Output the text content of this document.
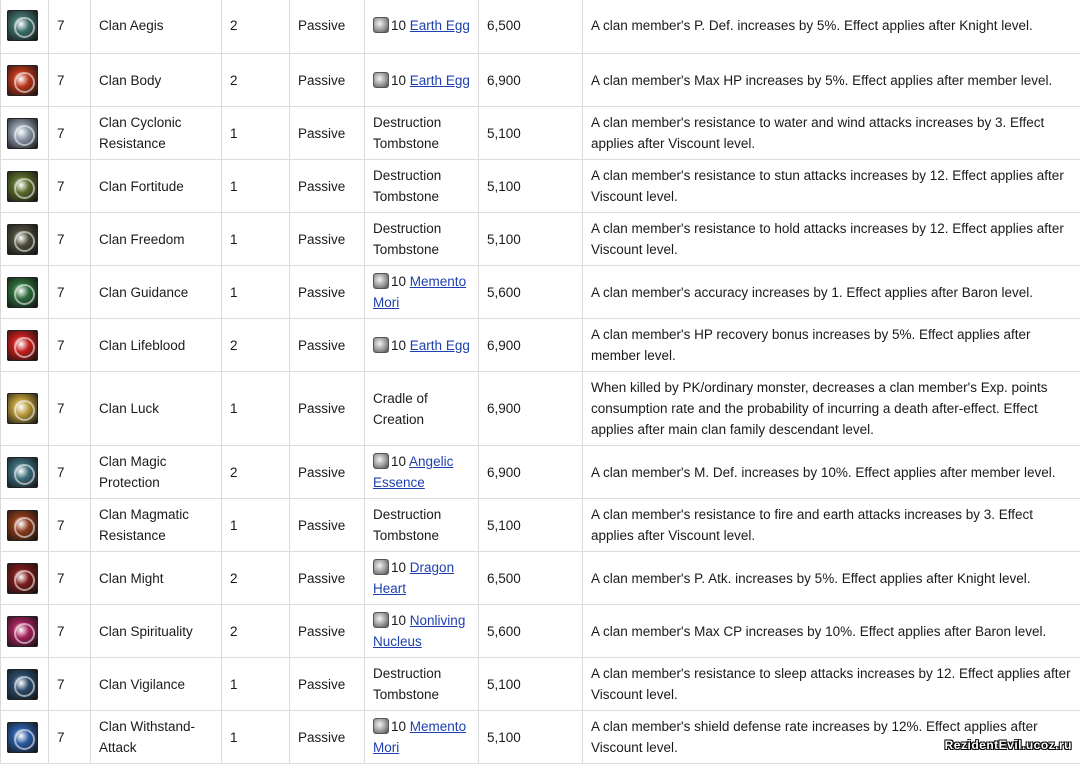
	7	Clan Aegis	2	Passive	10 Earth Egg	6,500	A clan member's P. Def. increases by 5%. Effect applies after Knight level.

	7	Clan Body	2	Passive	10 Earth Egg	6,900	A clan member's Max HP increases by 5%. Effect applies after member level.

	7	Clan Cyclonic Resistance	1	Passive	Destruction Tombstone	5,100	A clan member's resistance to water and wind attacks increases by 3. Effect applies after Viscount level.

	7	Clan Fortitude	1	Passive	Destruction Tombstone	5,100	A clan member's resistance to stun attacks increases by 12. Effect applies after Viscount level.

	7	Clan Freedom	1	Passive	Destruction Tombstone	5,100	A clan member's resistance to hold attacks increases by 12. Effect applies after Viscount level.

	7	Clan Guidance	1	Passive	10 Memento Mori	5,600	A clan member's accuracy increases by 1. Effect applies after Baron level.

	7	Clan Lifeblood	2	Passive	10 Earth Egg	6,900	A clan member's HP recovery bonus increases by 5%. Effect applies after member level.

	7	Clan Luck	1	Passive	Cradle of Creation	6,900	When killed by PK/ordinary monster, decreases a clan member's Exp. points consumption rate and the probability of incurring a death after-effect. Effect applies after main clan family descendant level.

	7	Clan Magic Protection	2	Passive	10 Angelic Essence	6,900	A clan member's M. Def. increases by 10%. Effect applies after member level.

	7	Clan Magmatic Resistance	1	Passive	Destruction Tombstone	5,100	A clan member's resistance to fire and earth attacks increases by 3. Effect applies after Viscount level.

	7	Clan Might	2	Passive	10 Dragon Heart	6,500	A clan member's P. Atk. increases by 5%. Effect applies after Knight level.

	7	Clan Spirituality	2	Passive	10 Nonliving Nucleus	5,600	A clan member's Max CP increases by 10%. Effect applies after Baron level.

	7	Clan Vigilance	1	Passive	Destruction Tombstone	5,100	A clan member's resistance to sleep attacks increases by 12. Effect applies after Viscount level.

	7	Clan Withstand-Attack	1	Passive	10 Memento Mori	5,100	A clan member's shield defense rate increases by 12%. Effect applies after Viscount level.	RezidentEvil.ucoz.ru
